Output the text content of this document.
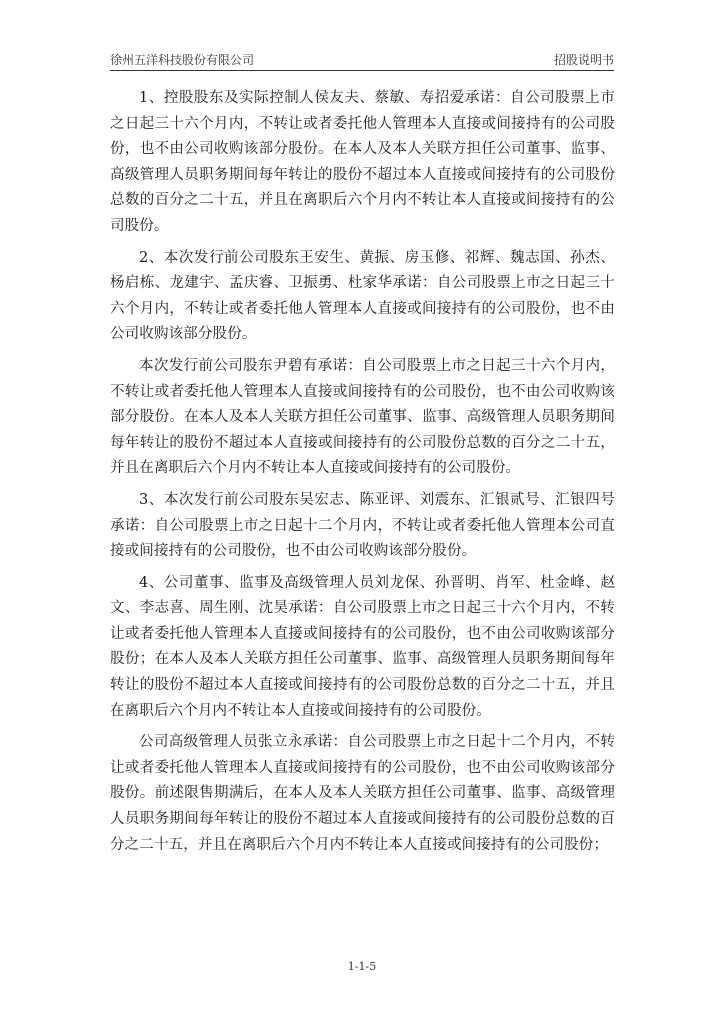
徐州五洋科技股份有限公司	招股说明书

1、控股股东及实际控制人侯友夫、蔡敏、寿招爱承诺：自公司股票上市之日起三十六个月内，不转让或者委托他人管理本人直接或间接持有的公司股份，也不由公司收购该部分股份。在本人及本人关联方担任公司董事、监事、高级管理人员职务期间每年转让的股份不超过本人直接或间接持有的公司股份总数的百分之二十五，并且在离职后六个月内不转让本人直接或间接持有的公司股份。

2、本次发行前公司股东王安生、黄振、房玉修、祁辉、魏志国、孙杰、杨启栋、龙建宇、孟庆睿、卫振勇、杜家华承诺：自公司股票上市之日起三十六个月内，不转让或者委托他人管理本人直接或间接持有的公司股份，也不由公司收购该部分股份。

本次发行前公司股东尹碧有承诺：自公司股票上市之日起三十六个月内，不转让或者委托他人管理本人直接或间接持有的公司股份，也不由公司收购该部分股份。在本人及本人关联方担任公司董事、监事、高级管理人员职务期间每年转让的股份不超过本人直接或间接持有的公司股份总数的百分之二十五，并且在离职后六个月内不转让本人直接或间接持有的公司股份。

3、本次发行前公司股东吴宏志、陈亚评、刘震东、汇银贰号、汇银四号承诺：自公司股票上市之日起十二个月内，不转让或者委托他人管理本公司直接或间接持有的公司股份，也不由公司收购该部分股份。

4、公司董事、监事及高级管理人员刘龙保、孙晋明、肖军、杜金峰、赵文、李志喜、周生刚、沈昊承诺：自公司股票上市之日起三十六个月内，不转让或者委托他人管理本人直接或间接持有的公司股份，也不由公司收购该部分股份；在本人及本人关联方担任公司董事、监事、高级管理人员职务期间每年转让的股份不超过本人直接或间接持有的公司股份总数的百分之二十五，并且在离职后六个月内不转让本人直接或间接持有的公司股份。

公司高级管理人员张立永承诺：自公司股票上市之日起十二个月内，不转让或者委托他人管理本人直接或间接持有的公司股份，也不由公司收购该部分股份。前述限售期满后，在本人及本人关联方担任公司董事、监事、高级管理人员职务期间每年转让的股份不超过本人直接或间接持有的公司股份总数的百分之二十五，并且在离职后六个月内不转让本人直接或间接持有的公司股份；

1-1-5
